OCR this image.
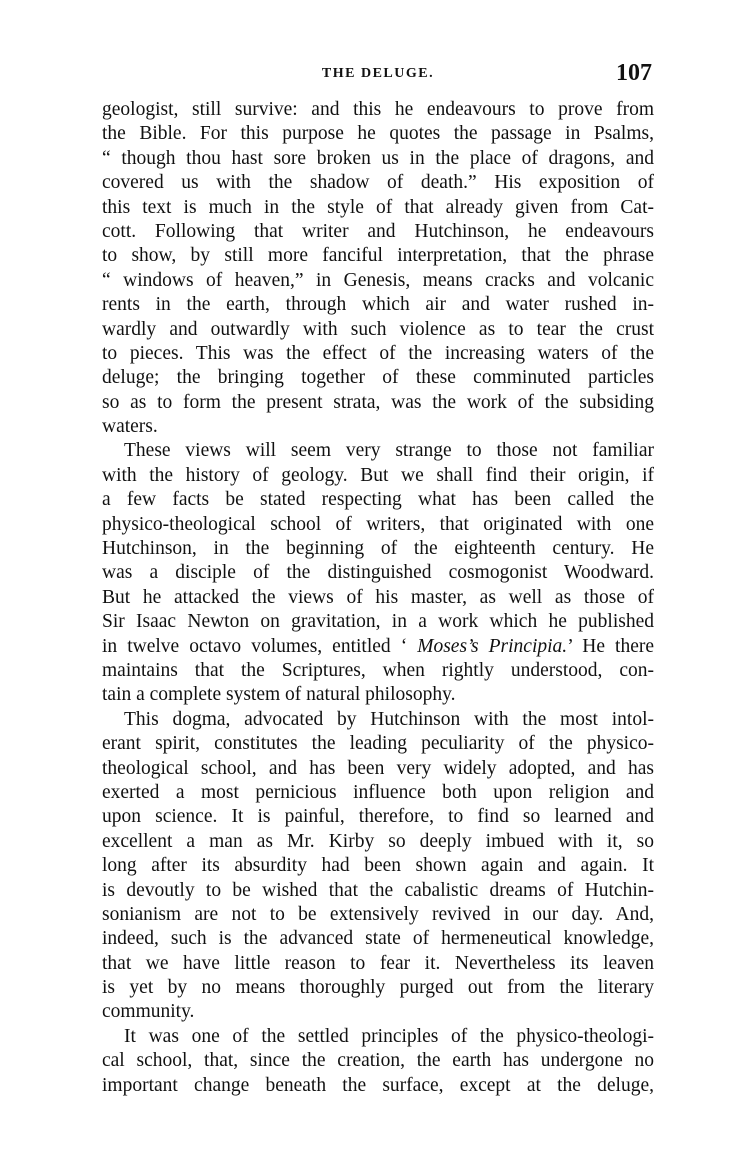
THE DELUGE.	107
geologist, still survive: and this he endeavours to prove from
the Bible. For this purpose he quotes the passage in Psalms,
“ though thou hast sore broken us in the place of dragons, and
covered us with the shadow of death.” His exposition of
this text is much in the style of that already given from Cat-
cott. Following that writer and Hutchinson, he endeavours
to show, by still more fanciful interpretation, that the phrase
“ windows of heaven,” in Genesis, means cracks and volcanic
rents in the earth, through which air and water rushed in-
wardly and outwardly with such violence as to tear the crust
to pieces. This was the effect of the increasing waters of the
deluge; the bringing together of these comminuted particles
so as to form the present strata, was the work of the subsiding
waters.
These views will seem very strange to those not familiar
with the history of geology. But we shall find their origin, if
a few facts be stated respecting what has been called the
physico-theological school of writers, that originated with one
Hutchinson, in the beginning of the eighteenth century. He
was a disciple of the distinguished cosmogonist Woodward.
But he attacked the views of his master, as well as those of
Sir Isaac Newton on gravitation, in a work which he published
in twelve octavo volumes, entitled ‘ Moses’s Principia.’ He there
maintains that the Scriptures, when rightly understood, con-
tain a complete system of natural philosophy.
This dogma, advocated by Hutchinson with the most intol-
erant spirit, constitutes the leading peculiarity of the physico-
theological school, and has been very widely adopted, and has
exerted a most pernicious influence both upon religion and
upon science. It is painful, therefore, to find so learned and
excellent a man as Mr. Kirby so deeply imbued with it, so
long after its absurdity had been shown again and again. It
is devoutly to be wished that the cabalistic dreams of Hutchin-
sonianism are not to be extensively revived in our day. And,
indeed, such is the advanced state of hermeneutical knowledge,
that we have little reason to fear it. Nevertheless its leaven
is yet by no means thoroughly purged out from the literary
community.
It was one of the settled principles of the physico-theologi-
cal school, that, since the creation, the earth has undergone no
important change beneath the surface, except at the deluge,
